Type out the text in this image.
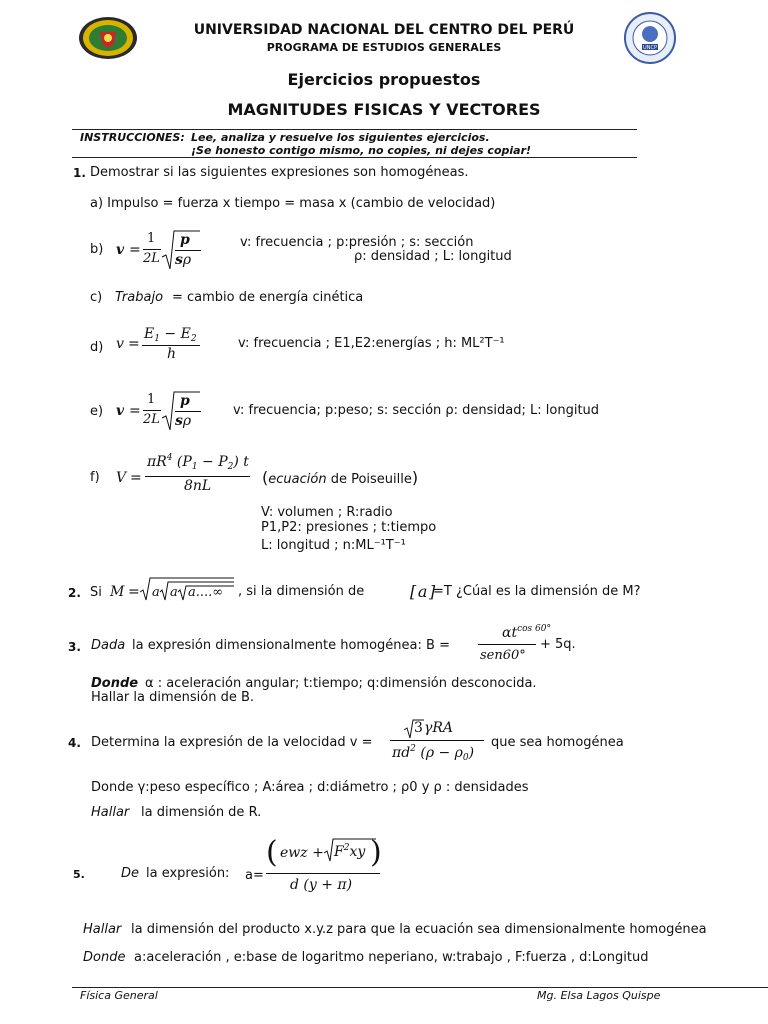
UNIVERSIDAD NACIONAL DEL CENTRO DEL PERÚ
PROGRAMA DE ESTUDIOS GENERALES	UNCP
Ejercicios propuestos
MAGNITUDES FISICAS Y VECTORES
INSTRUCCIONES: Lee, analiza y resuelve los siguientes ejercicios.
¡Se honesto contigo mismo, no copies, ni dejes copiar!
1. Demostrar si las siguientes expresiones son homogéneas.
a) Impulso = fuerza x tiempo = masa x (cambio de velocidad)
b) v =
1
2L
p
sρ
v: frecuencia ; p:presión ; s: sección
ρ: densidad ; L: longitud
c) Trabajo = cambio de energía cinética
d) v =
$E_1 - E_2$
h
v: frecuencia ; E1,E2:energías ; h: ML²T⁻¹
e) v =
1
2L
p
sρ
v: frecuencia; p:peso; s: sección ρ: densidad; L: longitud
f) V =
$\pi R^4$ $(P_1 - P_2)$ t
8nL	(ecuación de Poiseuille)
V: volumen ; R:radio
P1,P2: presiones ; t:tiempo
L: longitud ; n:ML⁻¹T⁻¹
2. Si M = a a a....∞ , si la dimensión de	[ a ]
=T ¿Cúal es la dimensión de M?
3. Dada la expresión dimensionalmente homogénea: B =
$\alpha t^{cos 60^\circ}$
sen60°
+ 5q.
Donde α : aceleración angular; t:tiempo; q:dimensión desconocida.
Hallar la dimensión de B.
4. Determina la expresión de la velocidad v =
3 γRA
$\pi d^2$ $(\rho - \rho_0)$
que sea homogénea
Donde γ:peso específico ; A:área ; d:diámetro ; ρ0 y ρ : densidades
Hallar la dimensión de R.
5.	De la expresión: a=
( ewz + $F^2xy$ )
d (y + π)
Hallar la dimensión del producto x.y.z para que la ecuación sea dimensionalmente homogénea
Donde a:aceleración , e:base de logaritmo neperiano, w:trabajo , F:fuerza , d:Longitud
Física General	Mg. Elsa Lagos Quispe
